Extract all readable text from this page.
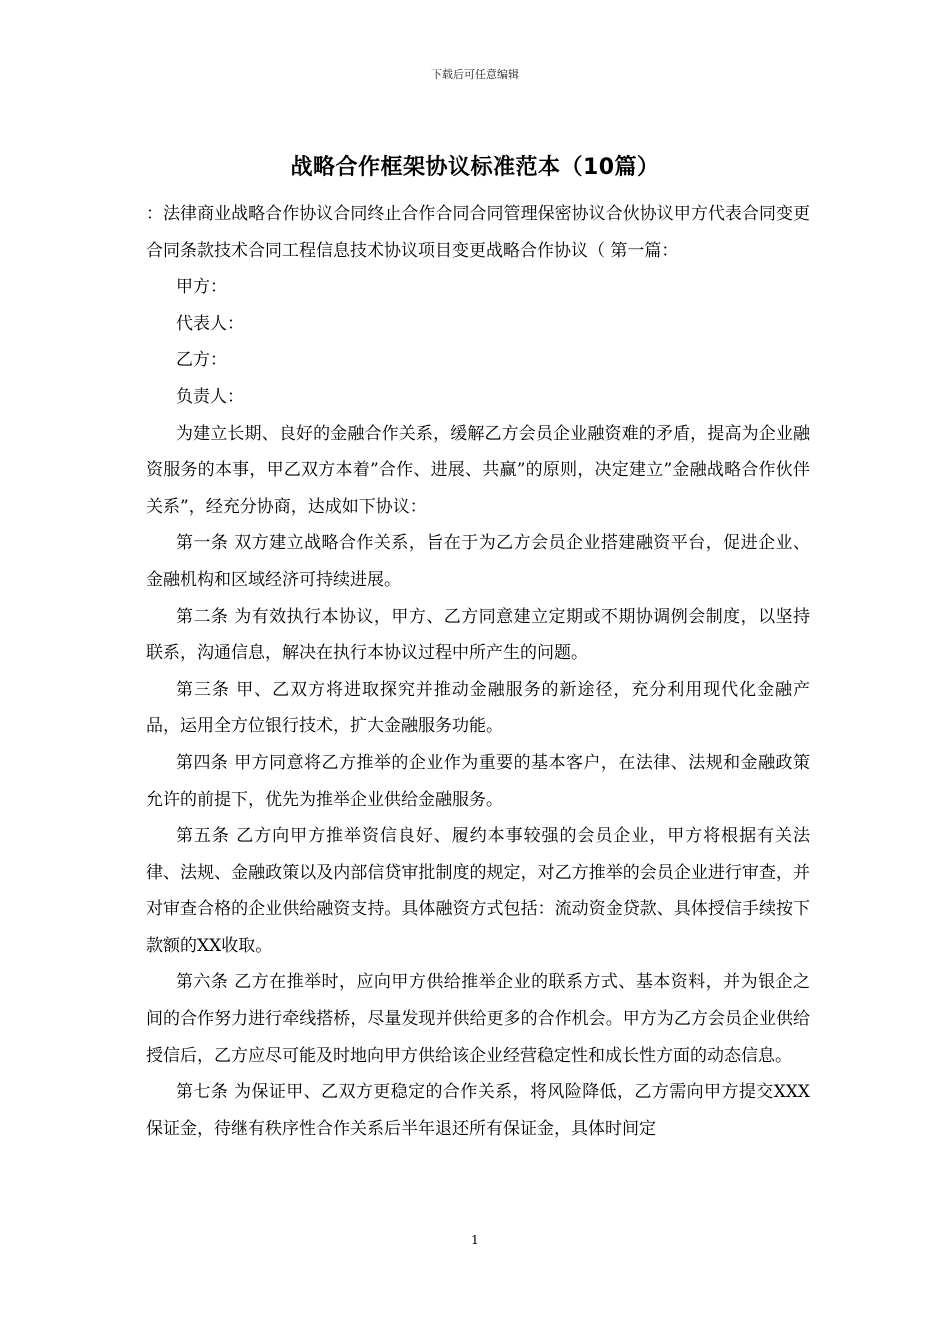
下载后可任意编辑
战略合作框架协议标准范本（10篇）

：法律商业战略合作协议合同终止合作合同合同管理保密协议合伙协议甲方代表合同变更合同条款技术合同工程信息技术协议项目变更战略合作协议（ 第一篇：

甲方：

代表人：

乙方：

负责人：

为建立长期、良好的金融合作关系，缓解乙方会员企业融资难的矛盾，提高为企业融资服务的本事，甲乙双方本着”合作、进展、共赢”的原则，决定建立”金融战略合作伙伴关系”，经充分协商，达成如下协议：

第一条 双方建立战略合作关系，旨在于为乙方会员企业搭建融资平台，促进企业、金融机构和区域经济可持续进展。

第二条 为有效执行本协议，甲方、乙方同意建立定期或不期协调例会制度，以坚持联系，沟通信息，解决在执行本协议过程中所产生的问题。

第三条 甲、乙双方将进取探究并推动金融服务的新途径，充分利用现代化金融产品，运用全方位银行技术，扩大金融服务功能。

第四条 甲方同意将乙方推举的企业作为重要的基本客户，在法律、法规和金融政策允许的前提下，优先为推举企业供给金融服务。

第五条 乙方向甲方推举资信良好、履约本事较强的会员企业，甲方将根据有关法律、法规、金融政策以及内部信贷审批制度的规定，对乙方推举的会员企业进行审查，并对审查合格的企业供给融资支持。具体融资方式包括：流动资金贷款、具体授信手续按下款额的XX收取。

第六条 乙方在推举时，应向甲方供给推举企业的联系方式、基本资料，并为银企之间的合作努力进行牵线搭桥，尽量发现并供给更多的合作机会。甲方为乙方会员企业供给授信后，乙方应尽可能及时地向甲方供给该企业经营稳定性和成长性方面的动态信息。

第七条 为保证甲、乙双方更稳定的合作关系，将风险降低，乙方需向甲方提交XXX保证金，待继有秩序性合作关系后半年退还所有保证金，具体时间定

1
